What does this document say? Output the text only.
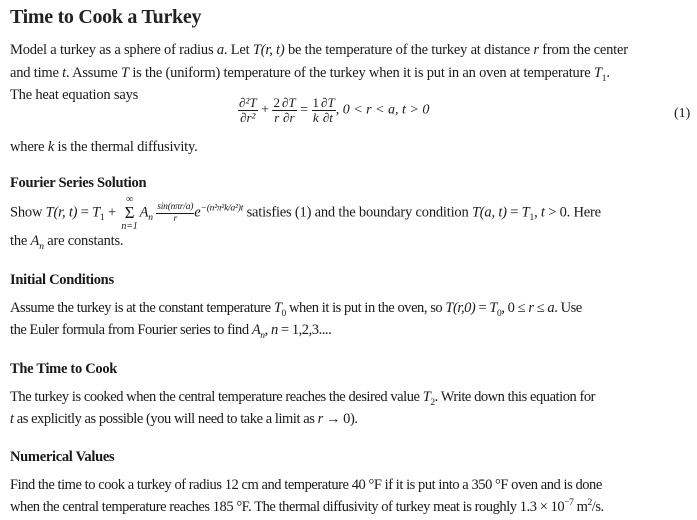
Time to Cook a Turkey
Model a turkey as a sphere of radius a. Let T(r, t) be the temperature of the turkey at distance r from the center
and time t. Assume T is the (uniform) temperature of the turkey when it is put in an oven at temperature $T_1$.
The heat equation says
$\frac{\text{∂²T}}{\text{∂r²}} + \frac{2}{r} \frac{\partial T}{\partial r} = \frac{1}{k} \frac{\partial T}{\partial t}$ , 0 < r < a, t > 0	(1)
where k is the thermal diffusivity.
Fourier Series Solution
Show T(r, $t) = T_1$ +
∞
Σ
n=1
$A_n \frac{\text{sin(nπr/a)}}{r} e^{-(n^2\pi^2k/a^2)t}$ satisfies (1) and the boundary condition T(a, $t) = T_1$, t > 0. Here
the $A_n$ are constants.
Initial Conditions
Assume the turkey is at the constant temperature $T_0$ when it is put in the oven, so $T(r,0) = T_0$, 0 ≤ r ≤ a. Use
the Euler formula from Fourier series to find $A_n$, n = 1,2,3....
The Time to Cook
The turkey is cooked when the central temperature reaches the desired value $T_2$. Write down this equation for
t as explicitly as possible (you will need to take a limit as r → 0).
Numerical Values
Find the time to cook a turkey of radius 12 cm and temperature 40 °F if it is put into a 350 °F oven and is done
when the central temperature reaches 185 °F. The thermal diffusivity of turkey meat is roughly $1.3 \times 10^{-7}$ $m^2/s$.
